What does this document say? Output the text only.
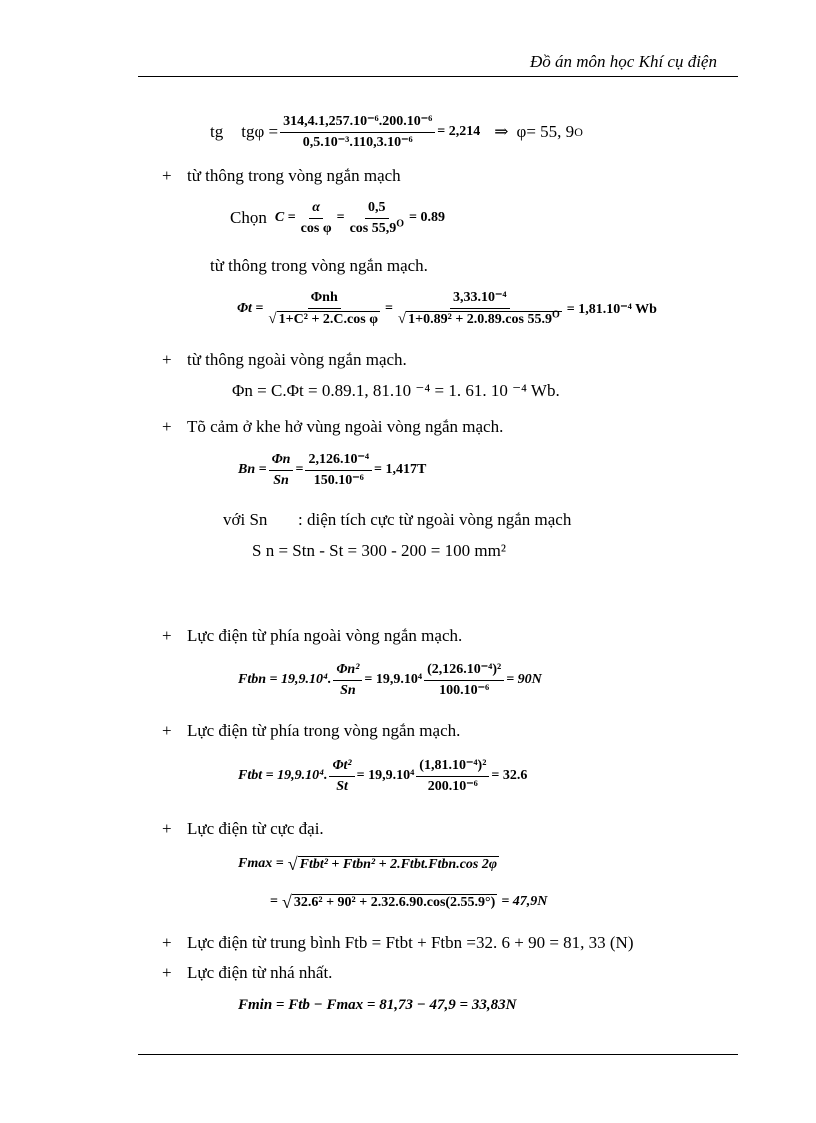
Đồ án môn học Khí cụ điện
tg $tg\varphi = \frac{\text{314,4.1,257.10⁻⁶.200.10⁻⁶}}{\text{0,5.10⁻³.110,3.10⁻⁶}} = 2,214$ ⇒ φ= 55, 9 O
+ từ thông trong vòng ngắn mạch
Chọn $C = \frac{\alpha}{\text{cos φ}} = \frac{0,5}{\cos 55,9^O} = 0.89$
từ thông trong vòng ngắn mạch.
$\Phi t = \frac{\text{Φnh}}{\text{√ 1+C² + 2.C.cos φ}} = \frac{\text{3,33.10⁻⁴}}{√ 1+0.89^2 + 2.0.89.\cos 55.9^O} = 1,81.10^{-4}$ Wb
+ từ thông ngoài vòng ngắn mạch.
Φn = C.Φt = 0.89.1, 81.10 ⁻⁴ = 1. 61. 10 ⁻⁴ Wb.
+ Tõ cảm ở khe hở vùng ngoài vòng ngắn mạch.
$Bn = \frac{\Phi n}{Sn} = \frac{\text{2,126.10⁻⁴}}{\text{150.10⁻⁶}} = 1,417T$
với Sn : diện tích cực từ ngoài vòng ngắn mạch
S n = Stn - St = 300 - 200 = 100 mm²
+ Lực điện từ phía ngoài vòng ngắn mạch.
Ftbn = 19,9.10⁴. $\frac{\text{Φn²}}{Sn} = 19,9.10^4 \frac{\text{(2,126.10⁻⁴)²}}{\text{100.10⁻⁶}} = 90N$
+ Lực điện từ phía trong vòng ngắn mạch.
Ftbt = 19,9.10⁴. $\frac{\text{Φt²}}{St} = 19,9.10^4 \frac{\text{(1,81.10⁻⁴)²}}{\text{200.10⁻⁶}} = 32.6$
+ Lực điện từ cực đại.
Fmax = √ Ftbt² + Ftbn² + 2.Ftbt.Ftbn.cos 2φ
= √ 32.6² + 90² + 2.32.6.90.cos(2.55.9°) = 47,9N
+ Lực điện từ trung bình Ftb = Ftbt + Ftbn =32. 6 + 90 = 81, 33 (N)
+ Lực điện từ nhá nhất.
Fmin = Ftb − Fmax = 81,73 − 47,9 = 33,83N
